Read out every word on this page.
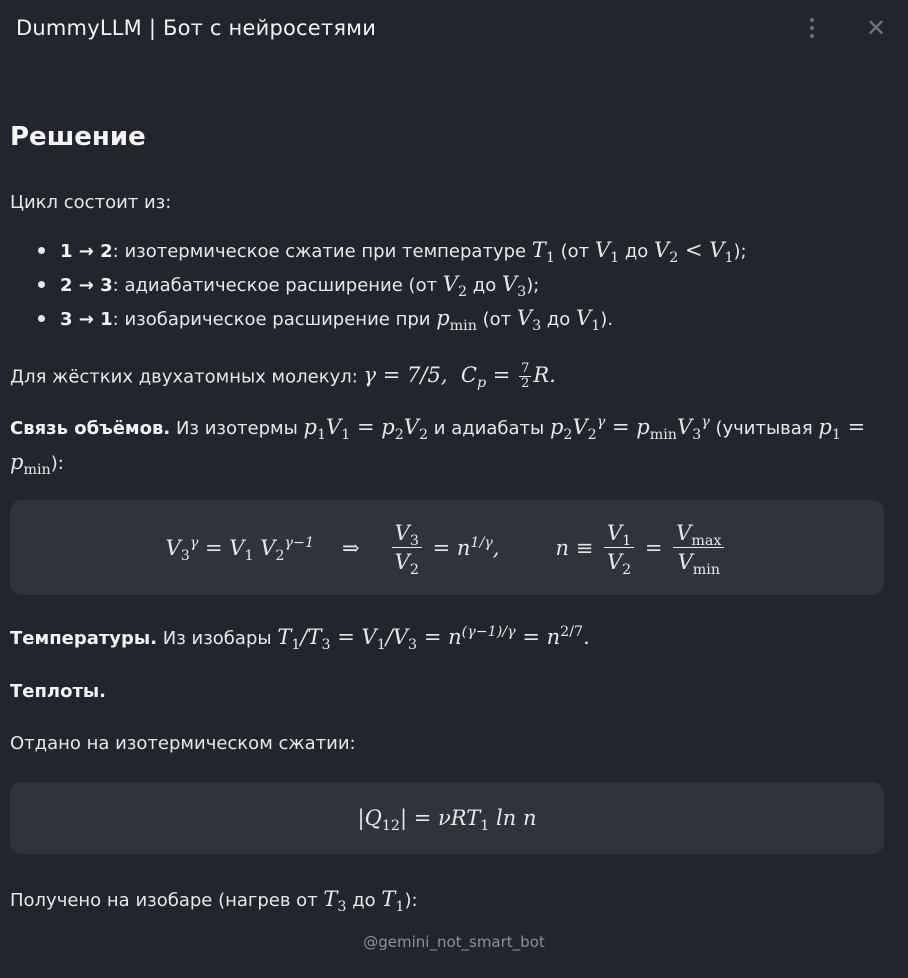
DummyLLM | Бот с нейросетями	✕
Решение
Цикл состоит из:
1 → 2: изотермическое сжатие при температуре $T_1$ (от $V_1$ до $V_2 < V_1$);
2 → 3: адиабатическое расширение (от $V_2$ до $V_3$);
3 → 1: изобарическое расширение при $p_{min}$ (от $V_3$ до $V_1$).
Для жёстких двухатомных молекул: γ = 7/5,  $C_p = \frac{7}{2} R$.
Связь объёмов. Из изотермы $p_1V_1 = p_2V_2$ и адиабаты $p_2V_2^\gamma = p_{min}V_3^\gamma$ (учитывая $p_1$ =
$p_{min}$):
$V_3^\gamma = V_1$ $V_2^{\gamma-1}$ ⇒ $\frac{V_3}{V_2} = n^{1/\gamma}$,	$n \equiv \frac{V_1}{V_2} = \frac{V_{max}}{V_{min}}$
Температуры. Из изобары $T_1/T_3 = V_1/V_3 = n^{(\gamma-1)/\gamma} = n^{2/7}$.
Теплоты.
Отдано на изотермическом сжатии:
$|Q_{12}| = \nu RT_1$ ln n
Получено на изобаре (нагрев от $T_3$ до $T_1$):
@gemini_not_smart_bot
